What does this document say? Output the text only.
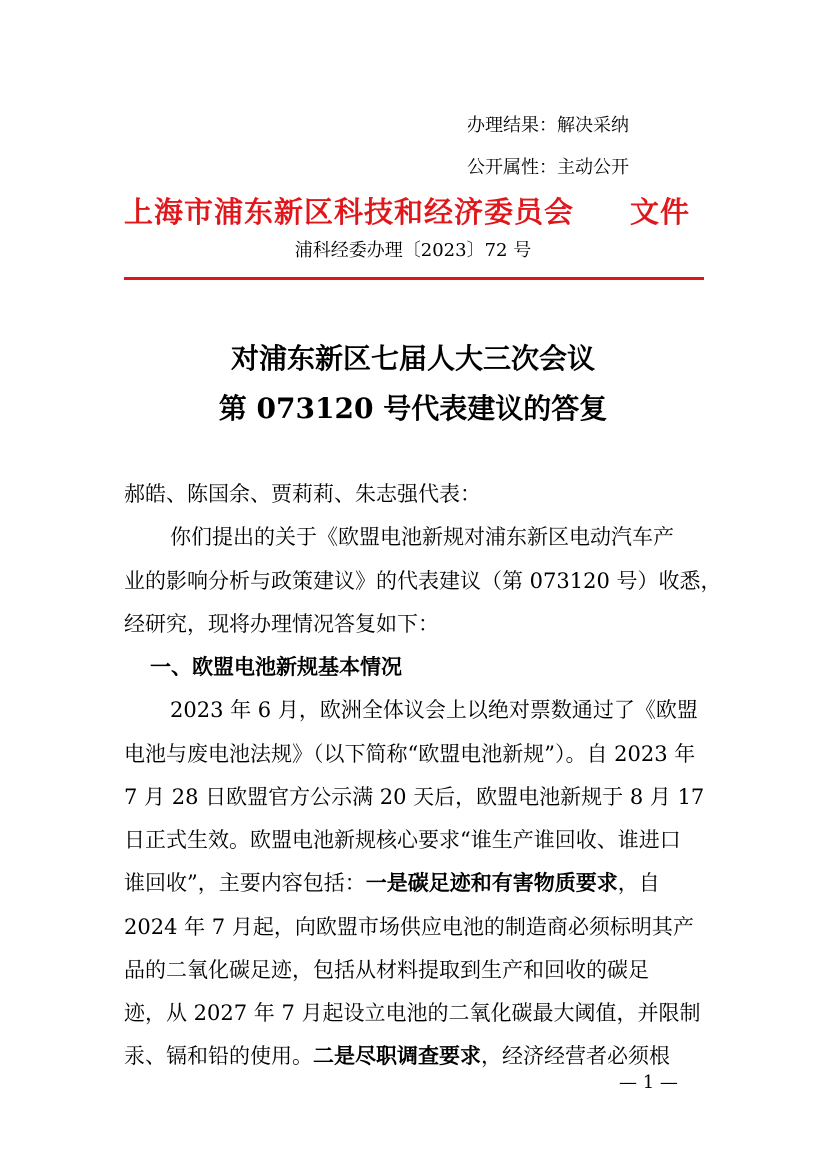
办理结果：解决采纳
公开属性：主动公开
上海市浦东新区科技和经济委员会 文件
浦科经委办理〔2023〕72 号
对浦东新区七届人大三次会议
第 073120 号代表建议的答复
郝皓、陈国余、贾莉莉、朱志强代表：
你们提出的关于《欧盟电池新规对浦东新区电动汽车产
业的影响分析与政策建议》的代表建议（第 073120 号）收悉，
经研究，现将办理情况答复如下：
一、欧盟电池新规基本情况
2023 年 6 月，欧洲全体议会上以绝对票数通过了《欧盟
电池与废电池法规》（以下简称“欧盟电池新规”）。自 2023 年
7 月 28 日欧盟官方公示满 20 天后，欧盟电池新规于 8 月 17
日正式生效。欧盟电池新规核心要求“谁生产谁回收、谁进口
谁回收”，主要内容包括：一是碳足迹和有害物质要求，自
2024 年 7 月起，向欧盟市场供应电池的制造商必须标明其产
品的二氧化碳足迹，包括从材料提取到生产和回收的碳足
迹，从 2027 年 7 月起设立电池的二氧化碳最大阈值，并限制
汞、镉和铅的使用。二是尽职调查要求，经济经营者必须根
— 1 —
